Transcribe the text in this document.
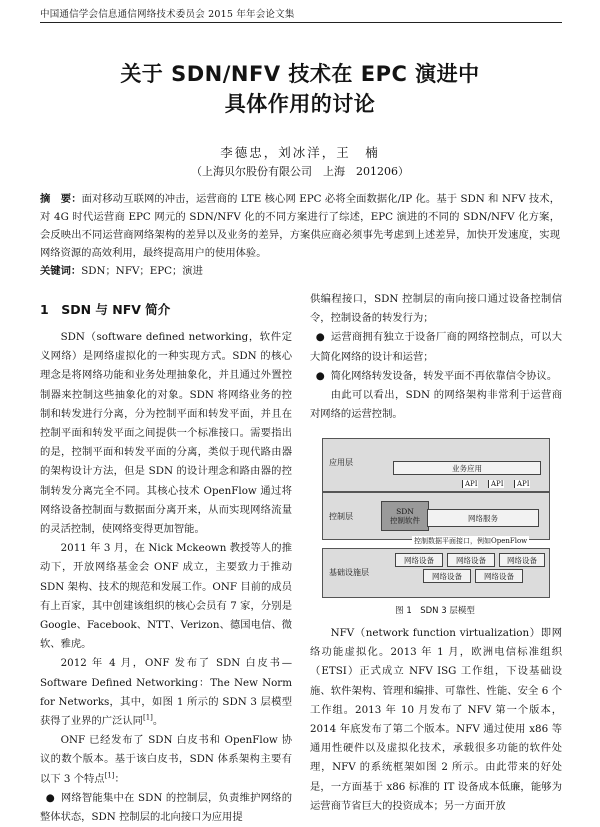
中国通信学会信息通信网络技术委员会 2015 年年会论文集
关于 SDN/NFV 技术在 EPC 演进中
具体作用的讨论
李德忠，刘冰洋，王　楠
（上海贝尔股份有限公司　上海　201206）
摘　要：面对移动互联网的冲击，运营商的 LTE 核心网 EPC 必将全面数据化/IP 化。基于 SDN 和 NFV 技术，对 4G 时代运营商 EPC 网元的 SDN/NFV 化的不同方案进行了综述，EPC 演进的不同的 SDN/NFV 化方案，会反映出不同运营商网络架构的差异以及业务的差异，方案供应商必须事先考虑到上述差异，加快开发速度，实现网络资源的高效利用，最终提高用户的使用体验。
关键词：SDN；NFV；EPC；演进
1　SDN 与 NFV 简介

SDN（software defined networking，软件定义网络）是网络虚拟化的一种实现方式。SDN 的核心理念是将网络功能和业务处理抽象化，并且通过外置控制器来控制这些抽象化的对象。SDN 将网络业务的控制和转发进行分离，分为控制平面和转发平面，并且在控制平面和转发平面之间提供一个标准接口。需要指出的是，控制平面和转发平面的分离，类似于现代路由器的架构设计方法，但是 SDN 的设计理念和路由器的控制转发分离完全不同。其核心技术 OpenFlow 通过将网络设备控制面与数据面分离开来，从而实现网络流量的灵活控制，使网络变得更加智能。

2011 年 3 月，在 Nick Mckeown 教授等人的推动下，开放网络基金会 ONF 成立，主要致力于推动 SDN 架构、技术的规范和发展工作。ONF 目前的成员有上百家，其中创建该组织的核心会员有 7 家，分别是 Google、Facebook、NTT、Verizon、德国电信、微软、雅虎。

2012 年 4 月，ONF 发布了 SDN 白皮书—Software Defined Networking：The New Norm for Networks，其中，如图 1 所示的 SDN 3 层模型获得了业界的广泛认同[1]。

ONF 已经发布了 SDN 白皮书和 OpenFlow 协议的数个版本。基于该白皮书，SDN 体系架构主要有以下 3 个特点[1]：

● 网络智能集中在 SDN 的控制层，负责维护网络的整体状态，SDN 控制层的北向接口为应用提

供编程接口，SDN 控制层的南向接口通过设备控制信令，控制设备的转发行为；

● 运营商拥有独立于设备厂商的网络控制点，可以大大简化网络的设计和运营；

● 简化网络转发设备，转发平面不再依靠信令协议。

由此可以看出，SDN 的网络架构非常利于运营商对网络的运营控制。

应用层
业务应用
API	API	API
控制层
SDN
控制软件	网络服务
控制数据平面接口，例如OpenFlow
基础设施层
网络设备	网络设备	网络设备
网络设备	网络设备
图 1　SDN 3 层模型

NFV（network function virtualization）即网络功能虚拟化。2013 年 1 月，欧洲电信标准组织（ETSI）正式成立 NFV ISG 工作组，下设基础设施、软件架构、管理和编排、可靠性、性能、安全 6 个工作组。2013 年 10 月发布了 NFV 第一个版本，2014 年底发布了第二个版本。NFV 通过使用 x86 等通用性硬件以及虚拟化技术，承载很多功能的软件处理，NFV 的系统框架如图 2 所示。由此带来的好处是，一方面基于 x86 标准的 IT 设备成本低廉，能够为运营商节省巨大的投资成本；另一方面开放
